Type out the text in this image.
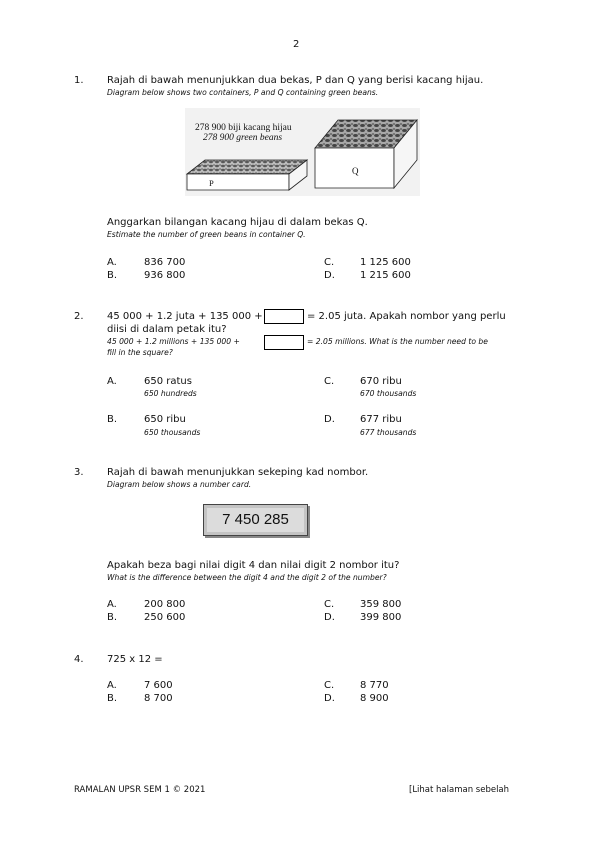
2
1. Rajah di bawah menunjukkan dua bekas, P dan Q yang berisi kacang hijau.
Diagram below shows two containers, P and Q containing green beans.
278 900 biji kacang hijau
278 900 green beans
P
Q
Anggarkan bilangan kacang hijau di dalam bekas Q.
Estimate the number of green beans in container Q.
A.	836 700
B.	936 800
C.	1 125 600
D.	1 215 600
2. 45 000 + 1.2 juta + 135 000 +	= 2.05 juta. Apakah nombor yang perlu
diisi di dalam petak itu?
45 000 + 1.2 millions + 135 000 +	= 2.05 millions. What is the number need to be
fill in the square?
A.	650 ratus
650 hundreds
B.	650 ribu
650 thousands
C.	670 ribu
670 thousands
D.	677 ribu
677 thousands
3. Rajah di bawah menunjukkan sekeping kad nombor.
Diagram below shows a number card.
7 450 285
Apakah beza bagi nilai digit 4 dan nilai digit 2 nombor itu?
What is the difference between the digit 4 and the digit 2 of the number?
A.	200 800
B.	250 600
C.	359 800
D.	399 800
4. 725 x 12 =
A.	7 600
B.	8 700
C.	8 770
D.	8 900
RAMALAN UPSR SEM 1 © 2021	[Lihat halaman sebelah
